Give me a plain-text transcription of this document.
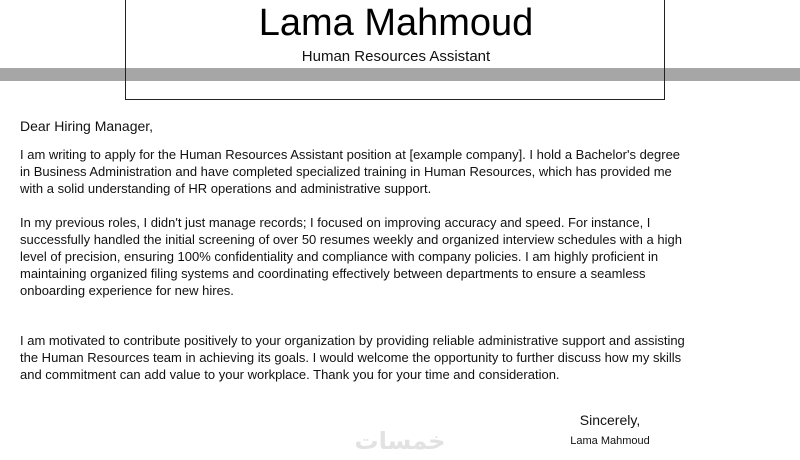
Lama Mahmoud
Human Resources Assistant
Dear Hiring Manager,

I am writing to apply for the Human Resources Assistant position at [example company]. I hold a Bachelor's degree in Business Administration and have completed specialized training in Human Resources, which has provided me with a solid understanding of HR operations and administrative support.

In my previous roles, I didn't just manage records; I focused on improving accuracy and speed. For instance, I successfully handled the initial screening of over 50 resumes weekly and organized interview schedules with a high level of precision, ensuring 100% confidentiality and compliance with company policies. I am highly proficient in maintaining organized filing systems and coordinating effectively between departments to ensure a seamless onboarding experience for new hires.

I am motivated to contribute positively to your organization by providing reliable administrative support and assisting the Human Resources team in achieving its goals. I would welcome the opportunity to further discuss how my skills and commitment can add value to your workplace. Thank you for your time and consideration.

Sincerely,
Lama Mahmoud
خمسات
